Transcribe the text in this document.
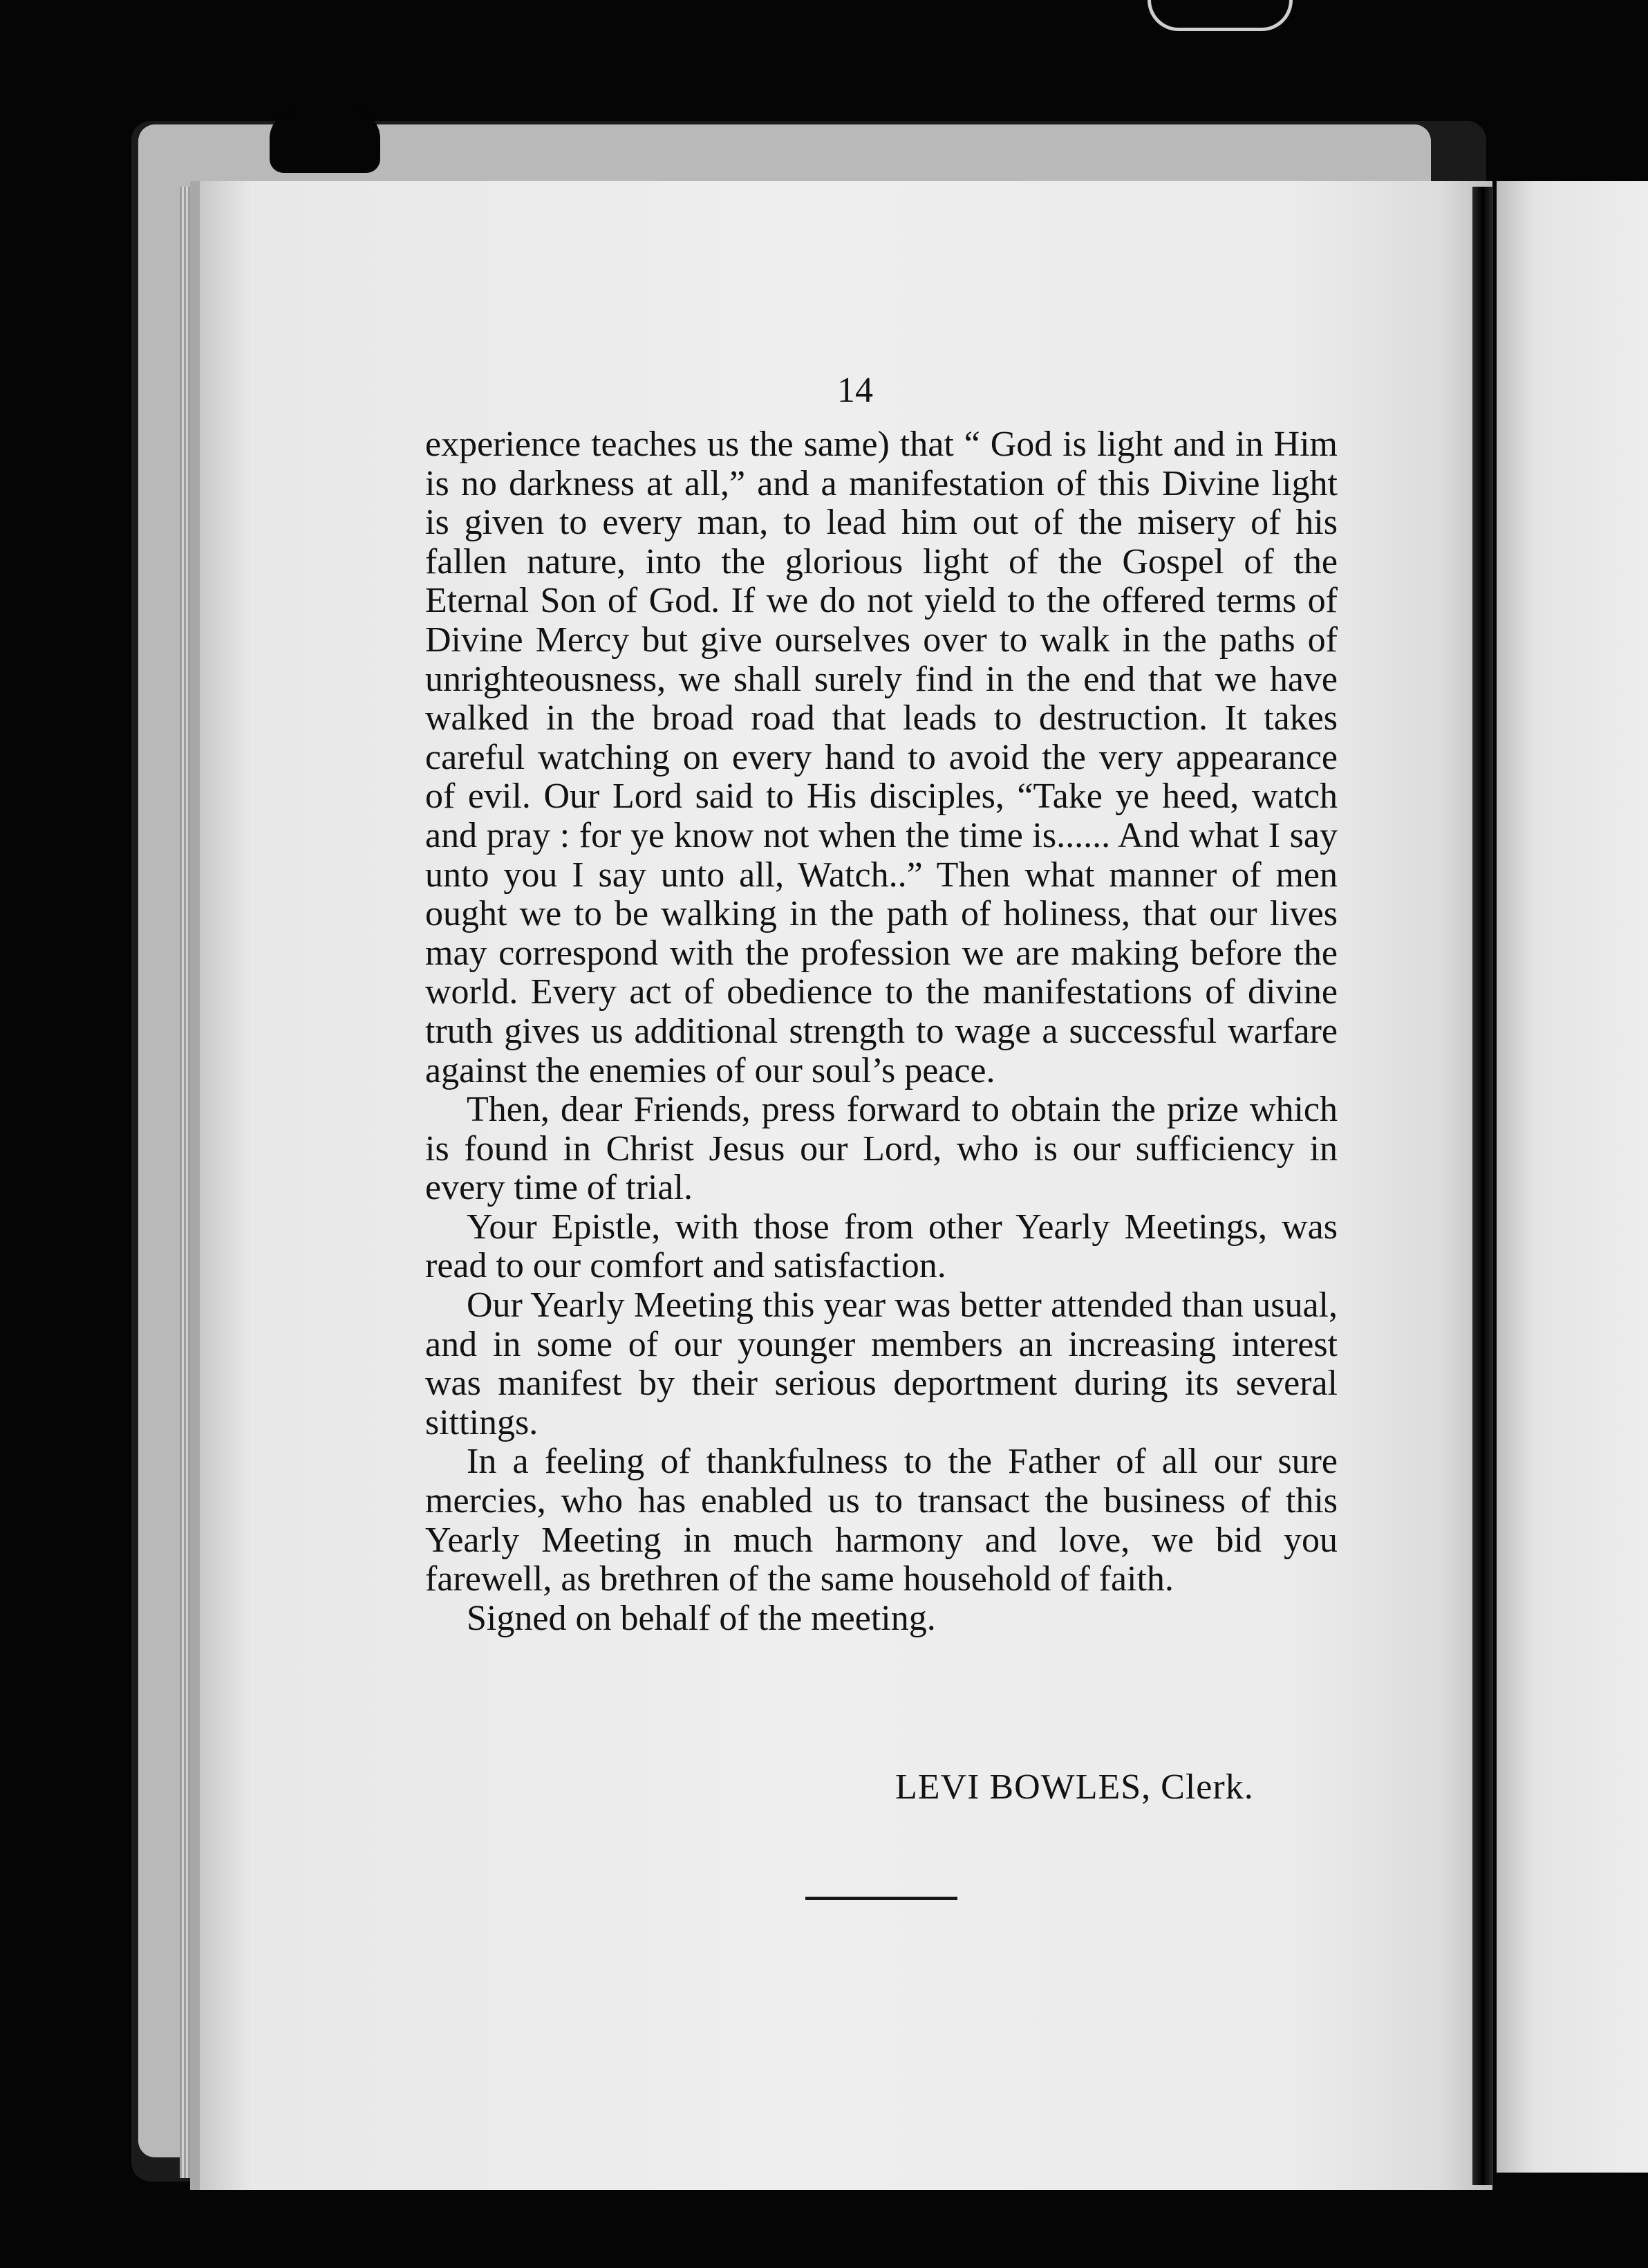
14

experience teaches us the same) that “ God is light and in Him is no darkness at all,” and a manifestation of this Divine light is given to every man, to lead him out of the misery of his fallen nature, into the glorious light of the Gospel of the Eternal Son of God. If we do not yield to the offered terms of Divine Mercy but give ourselves over to walk in the paths of unrighteousness, we shall surely find in the end that we have walked in the broad road that leads to destruction. It takes careful watching on every hand to avoid the very appearance of evil. Our Lord said to His disciples, “Take ye heed, watch and pray : for ye know not when the time is...... And what I say unto you I say unto all, Watch..” Then what manner of men ought we to be walking in the path of holiness, that our lives may correspond with the profession we are making before the world. Every act of obedience to the manifestations of divine truth gives us additional strength to wage a successful warfare against the enemies of our soul’s peace.

Then, dear Friends, press forward to obtain the prize which is found in Christ Jesus our Lord, who is our sufficiency in every time of trial.

Your Epistle, with those from other Yearly Meetings, was read to our comfort and satisfaction.

Our Yearly Meeting this year was better attended than usual, and in some of our younger members an increasing interest was manifest by their serious deportment during its several sittings.

In a feeling of thankfulness to the Father of all our sure mercies, who has enabled us to transact the business of this Yearly Meeting in much harmony and love, we bid you farewell, as brethren of the same household of faith.

Signed on behalf of the meeting.

LEVI BOWLES, Clerk.
